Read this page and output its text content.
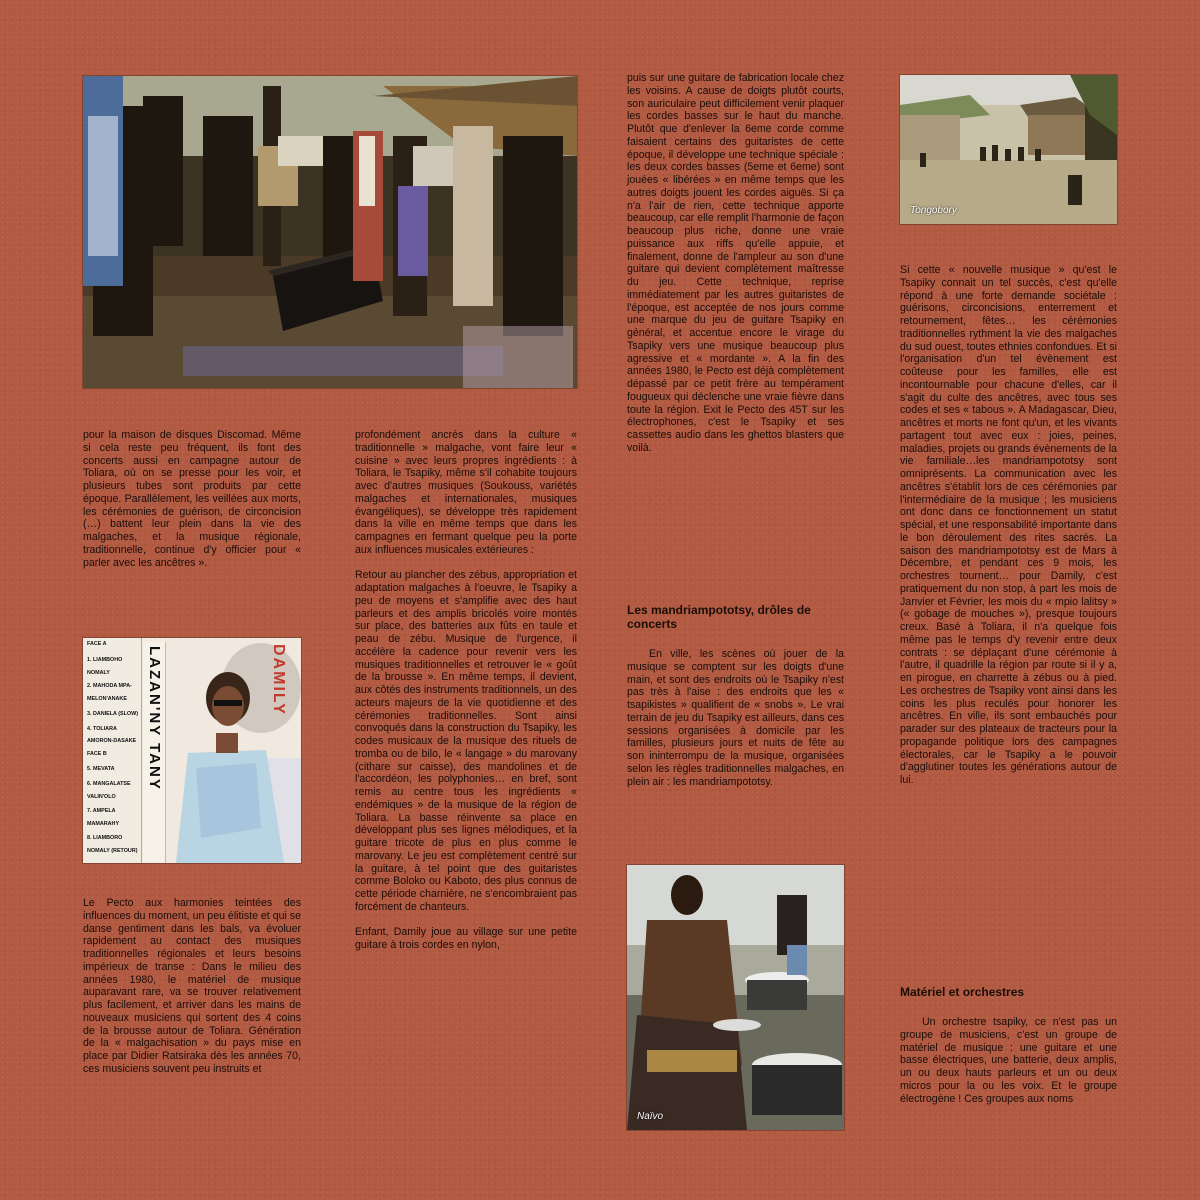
Tongobory
FACE A
1. LIAMBOHO
NOMALY
2. MAHODA MPA-
MELON'ANAKE
3. DANIELA (SLOW)
4. TOLIARA
AMORON-DASAKE
FACE B
5. MEVATA
6. MANGALATSE
VALIN'OLO
7. AMPELA
MAMARAHY
8. LIAMBORO
NOMALY (RETOUR)
LAZAN'NY TANY	DAMILY
Naïvo

pour la maison de disques Discomad. Même si cela reste peu fréquent, ils font des concerts aussi en campagne autour de Toliara, où on se presse pour les voir, et plusieurs tubes sont produits par cette époque. Parallèlement, les veillées aux morts, les cérémonies de guérison, de circoncision (…) battent leur plein dans la vie des malgaches, et la musique régionale, traditionnelle, continue d'y officier pour « parler avec les ancêtres ».

Le Pecto aux harmonies teintées des influences du moment, un peu élitiste et qui se danse gentiment dans les bals, va évoluer rapidement au contact des musiques traditionnelles régionales et leurs besoins impérieux de transe : Dans le milieu des années 1980, le matériel de musique auparavant rare, va se trouver relativement plus facilement, et arriver dans les mains de nouveaux musiciens qui sortent des 4 coins de la brousse autour de Toliara. Génération de la « malgachisation » du pays mise en place par Didier Ratsiraka dès les années 70, ces musiciens souvent peu instruits et

profondément ancrés dans la culture « traditionnelle » malgache, vont faire leur « cuisine » avec leurs propres ingrédients : à Toliara, le Tsapiky, même s'il cohabite toujours avec d'autres musiques (Soukouss, variétés malgaches et internationales, musiques évangéliques), se développe très rapidement dans la ville en même temps que dans les campagnes en fermant quelque peu la porte aux influences musicales extérieures :

Retour au plancher des zébus, appropriation et adaptation malgaches à l'oeuvre, le Tsapiky a peu de moyens et s'amplifie avec des haut parleurs et des amplis bricolés voire montés sur place, des batteries aux fûts en taule et peau de zébu. Musique de l'urgence, il accélère la cadence pour revenir vers les musiques traditionnelles et retrouver le « goût de la brousse ». En même temps, il devient, aux côtés des instruments traditionnels, un des acteurs majeurs de la vie quotidienne et des cérémonies traditionnelles. Sont ainsi convoqués dans la construction du Tsapiky, les codes musicaux de la musique des rituels de tromba ou de bilo, le « langage » du marovany (cithare sur caisse), des mandolines et de l'accordéon, les polyphonies… en bref, sont remis au centre tous les ingrédients « endémiques » de la musique de la région de Toliara. La basse réinvente sa place en développant plus ses lignes mélodiques, et la guitare tricote de plus en plus comme le marovany. Le jeu est complètement centré sur la guitare, à tel point que des guitaristes comme Boloko ou Kaboto, des plus connus de cette période charnière, ne s'encombraient pas forcément de chanteurs.

Enfant, Damily joue au village sur une petite guitare à trois cordes en nylon,

puis sur une guitare de fabrication locale chez les voisins. A cause de doigts plutôt courts, son auriculaire peut difficilement venir plaquer les cordes basses sur le haut du manche. Plutôt que d'enlever la 6eme corde comme faisaient certains des guitaristes de cette époque, il développe une technique spéciale : les deux cordes basses (5eme et 6eme) sont jouées « libérées » en même temps que les autres doigts jouent les cordes aiguës. Si ça n'a l'air de rien, cette technique apporte beaucoup, car elle remplit l'harmonie de façon beaucoup plus riche, donne une vraie puissance aux riffs qu'elle appuie, et finalement, donne de l'ampleur au son d'une guitare qui devient complètement maîtresse du jeu. Cette technique, reprise immédiatement par les autres guitaristes de l'époque, est acceptée de nos jours comme une marque du jeu de guitare Tsapiky en général, et accentue encore le virage du Tsapiky vers une musique beaucoup plus agressive et « mordante ». A la fin des années 1980, le Pecto est déjà complètement dépassé par ce petit frère au tempérament fougueux qui déclenche une vraie fièvre dans toute la région. Exit le Pecto des 45T sur les électrophones, c'est le Tsapiky et ses cassettes audio dans les ghettos blasters que voilà.

Les mandriampototsy, drôles de concerts

En ville, les scènes où jouer de la musique se comptent sur les doigts d'une main, et sont des endroits où le Tsapiky n'est pas très à l'aise : des endroits que les « tsapikistes » qualifient de « snobs ». Le vrai terrain de jeu du Tsapiky est ailleurs, dans ces sessions organisées à domicile par les familles, plusieurs jours et nuits de fête au son ininterrompu de la musique, organisées selon les règles traditionnelles malgaches, en plein air : les mandriampototsy.

Si cette « nouvelle musique » qu'est le Tsapiky connait un tel succès, c'est qu'elle répond à une forte demande sociétale : guérisons, circoncisions, enterrement et retournement, fêtes… les cérémonies traditionnelles rythment la vie des malgaches du sud ouest, toutes ethnies confondues. Et si l'organisation d'un tel évènement est coûteuse pour les familles, elle est incontournable pour chacune d'elles, car il s'agit du culte des ancêtres, avec tous ses codes et ses « tabous ». A Madagascar, Dieu, ancêtres et morts ne font qu'un, et les vivants partagent tout avec eux : joies, peines, maladies, projets ou grands évènements de la vie familiale…les mandriampototsy sont omniprésents. La communication avec les ancêtres s'établit lors de ces cérémonies par l'intermédiaire de la musique ; les musiciens ont donc dans ce fonctionnement un statut spécial, et une responsabilité importante dans le bon déroulement des rites sacrés. La saison des mandriampototsy est de Mars à Décembre, et pendant ces 9 mois, les orchestres tournent… pour Damily, c'est pratiquement du non stop, à part les mois de Janvier et Février, les mois du « mpio lalitsy » (« gobage de mouches »), presque toujours creux. Basé à Toliara, il n'a quelque fois même pas le temps d'y revenir entre deux contrats : se déplaçant d'une cérémonie à l'autre, il quadrille la région par route si il y a, en pirogue, en charrette à zébus ou à pied. Les orchestres de Tsapiky vont ainsi dans les coins les plus reculés pour honorer les ancêtres. En ville, ils sont embauchés pour parader sur des plateaux de tracteurs pour la propagande politique lors des campagnes électorales, car le Tsapiky a le pouvoir d'agglutiner toutes les générations autour de lui.

Matériel et orchestres

Un orchestre tsapiky, ce n'est pas un groupe de musiciens, c'est un groupe de matériel de musique : une guitare et une basse électriques, une batterie, deux amplis, un ou deux hauts parleurs et un ou deux micros pour la ou les voix. Et le groupe électrogène ! Ces groupes aux noms
